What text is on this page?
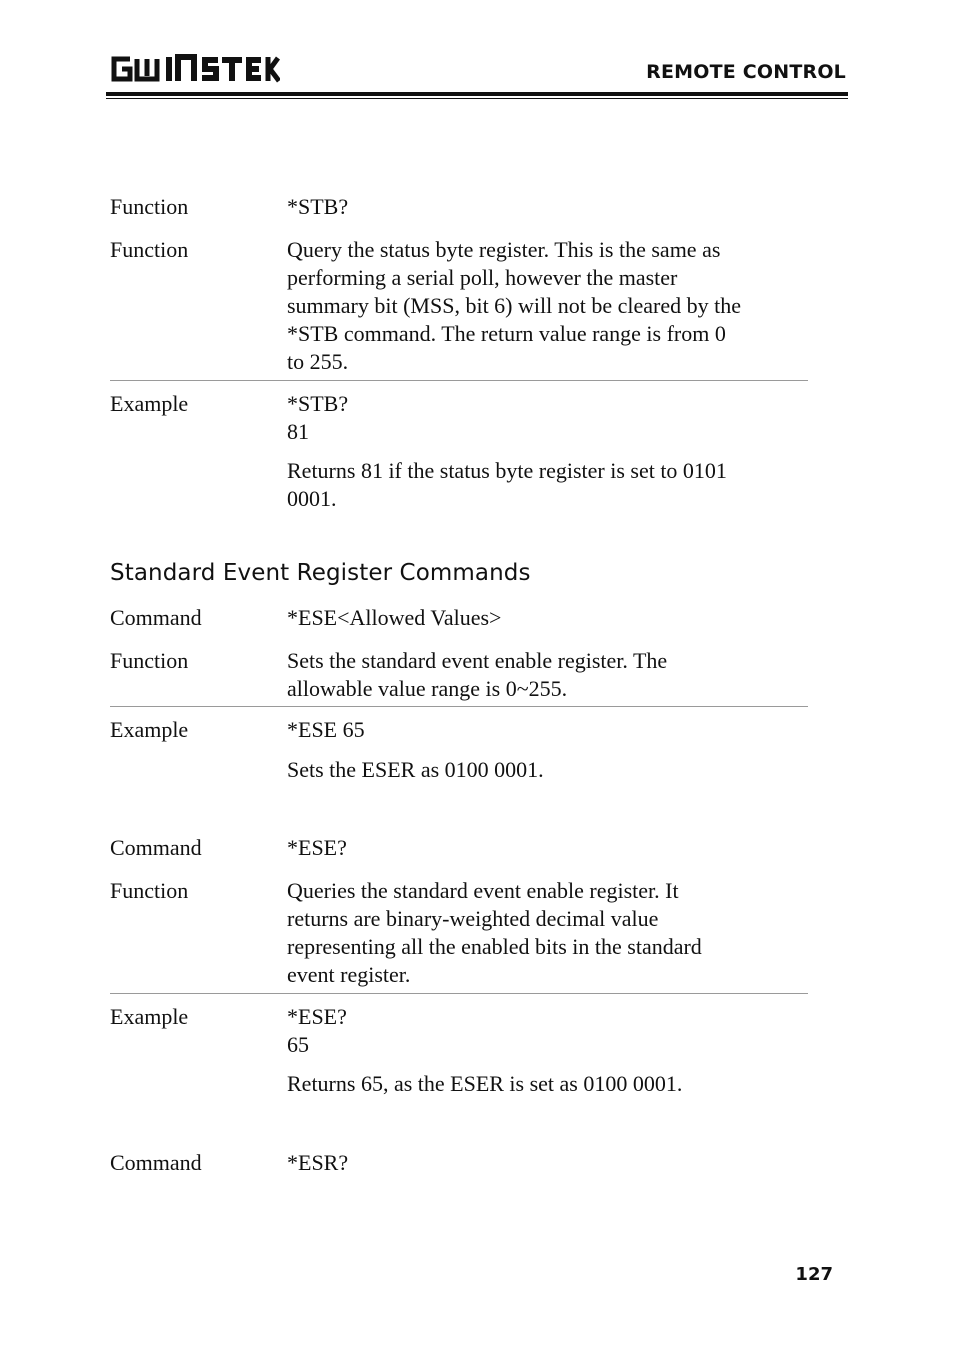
REMOTE CONTROL
Function	*STB?
Function	Query the status byte register. This is the same as
performing a serial poll, however the master
summary bit (MSS, bit 6) will not be cleared by the
*STB command. The return value range is from 0
to 255.
Example	*STB?
81
Returns 81 if the status byte register is set to 0101
0001.
Standard Event Register Commands
Command	*ESE<Allowed Values>
Function	Sets the standard event enable register. The
allowable value range is 0~255.
Example	*ESE 65
Sets the ESER as 0100 0001.
Command	*ESE?
Function	Queries the standard event enable register. It
returns are binary-weighted decimal value
representing all the enabled bits in the standard
event register.
Example	*ESE?
65
Returns 65, as the ESER is set as 0100 0001.
Command	*ESR?
127
